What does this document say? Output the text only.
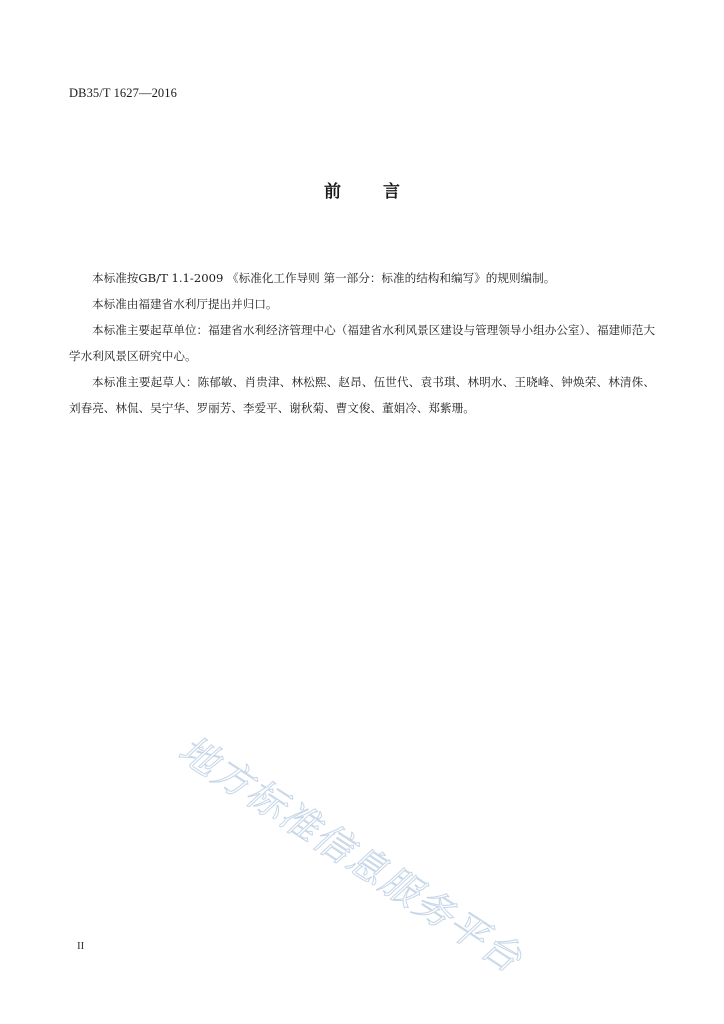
DB35/T 1627—2016
前 言

本标准按GB/T 1.1-2009 《标准化工作导则 第一部分：标准的结构和编写》的规则编制。

本标准由福建省水利厅提出并归口。

本标准主要起草单位：福建省水利经济管理中心（福建省水利风景区建设与管理领导小组办公室）、福建师范大学水利风景区研究中心。

本标准主要起草人：陈郁敏、肖贵津、林松熙、赵昂、伍世代、袁书琪、林明水、王晓峰、钟焕荣、林清侏、刘春亮、林侃、吴宁华、罗丽芳、李爱平、谢秋菊、曹文俊、董娟冷、郑紫珊。

地方标准信息服务平台
II
